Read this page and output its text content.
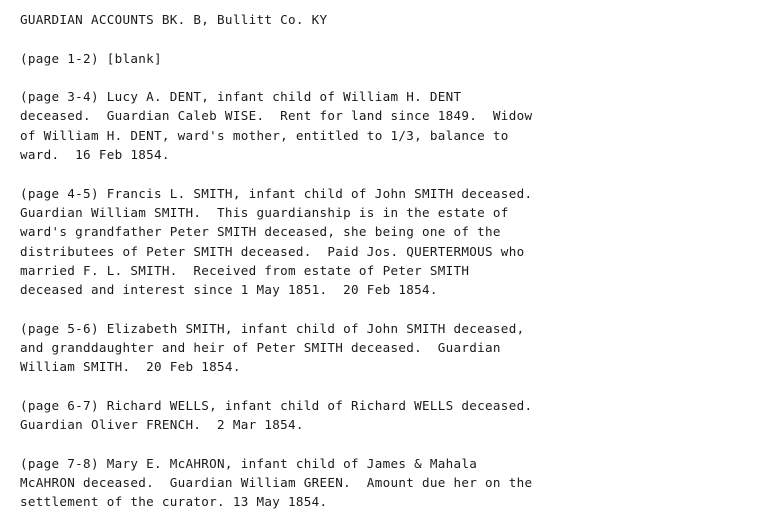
GUARDIAN ACCOUNTS BK. B, Bullitt Co. KY
(page 1-2) [blank]
(page 3-4) Lucy A. DENT, infant child of William H. DENT
deceased.  Guardian Caleb WISE.  Rent for land since 1849.  Widow
of William H. DENT, ward's mother, entitled to 1/3, balance to
ward.  16 Feb 1854.
(page 4-5) Francis L. SMITH, infant child of John SMITH deceased.
Guardian William SMITH.  This guardianship is in the estate of
ward's grandfather Peter SMITH deceased, she being one of the
distributees of Peter SMITH deceased.  Paid Jos. QUERTERMOUS who
married F. L. SMITH.  Received from estate of Peter SMITH
deceased and interest since 1 May 1851.  20 Feb 1854.
(page 5-6) Elizabeth SMITH, infant child of John SMITH deceased,
and granddaughter and heir of Peter SMITH deceased.  Guardian
William SMITH.  20 Feb 1854.
(page 6-7) Richard WELLS, infant child of Richard WELLS deceased.
Guardian Oliver FRENCH.  2 Mar 1854.
(page 7-8) Mary E. McAHRON, infant child of James & Mahala
McAHRON deceased.  Guardian William GREEN.  Amount due her on the
settlement of the curator. 13 May 1854.
